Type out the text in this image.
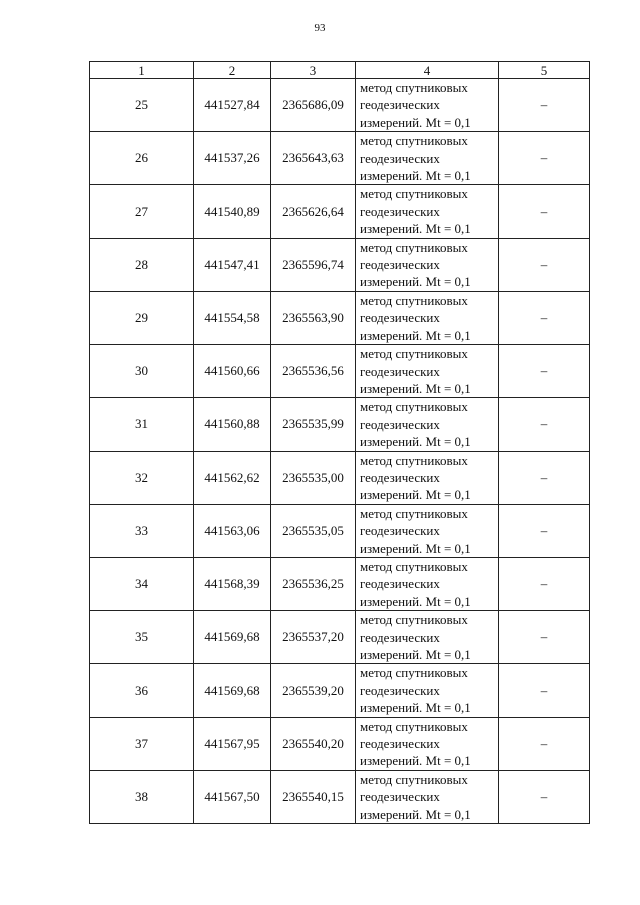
93
1	2	3	4	5
25	441527,84	2365686,09	метод спутниковых
геодезических
измерений. Mt = 0,1	–
26	441537,26	2365643,63	метод спутниковых
геодезических
измерений. Mt = 0,1	–
27	441540,89	2365626,64	метод спутниковых
геодезических
измерений. Mt = 0,1	–
28	441547,41	2365596,74	метод спутниковых
геодезических
измерений. Mt = 0,1	–
29	441554,58	2365563,90	метод спутниковых
геодезических
измерений. Mt = 0,1	–
30	441560,66	2365536,56	метод спутниковых
геодезических
измерений. Mt = 0,1	–
31	441560,88	2365535,99	метод спутниковых
геодезических
измерений. Mt = 0,1	–
32	441562,62	2365535,00	метод спутниковых
геодезических
измерений. Mt = 0,1	–
33	441563,06	2365535,05	метод спутниковых
геодезических
измерений. Mt = 0,1	–
34	441568,39	2365536,25	метод спутниковых
геодезических
измерений. Mt = 0,1	–
35	441569,68	2365537,20	метод спутниковых
геодезических
измерений. Mt = 0,1	–
36	441569,68	2365539,20	метод спутниковых
геодезических
измерений. Mt = 0,1	–
37	441567,95	2365540,20	метод спутниковых
геодезических
измерений. Mt = 0,1	–
38	441567,50	2365540,15	метод спутниковых
геодезических
измерений. Mt = 0,1	–
